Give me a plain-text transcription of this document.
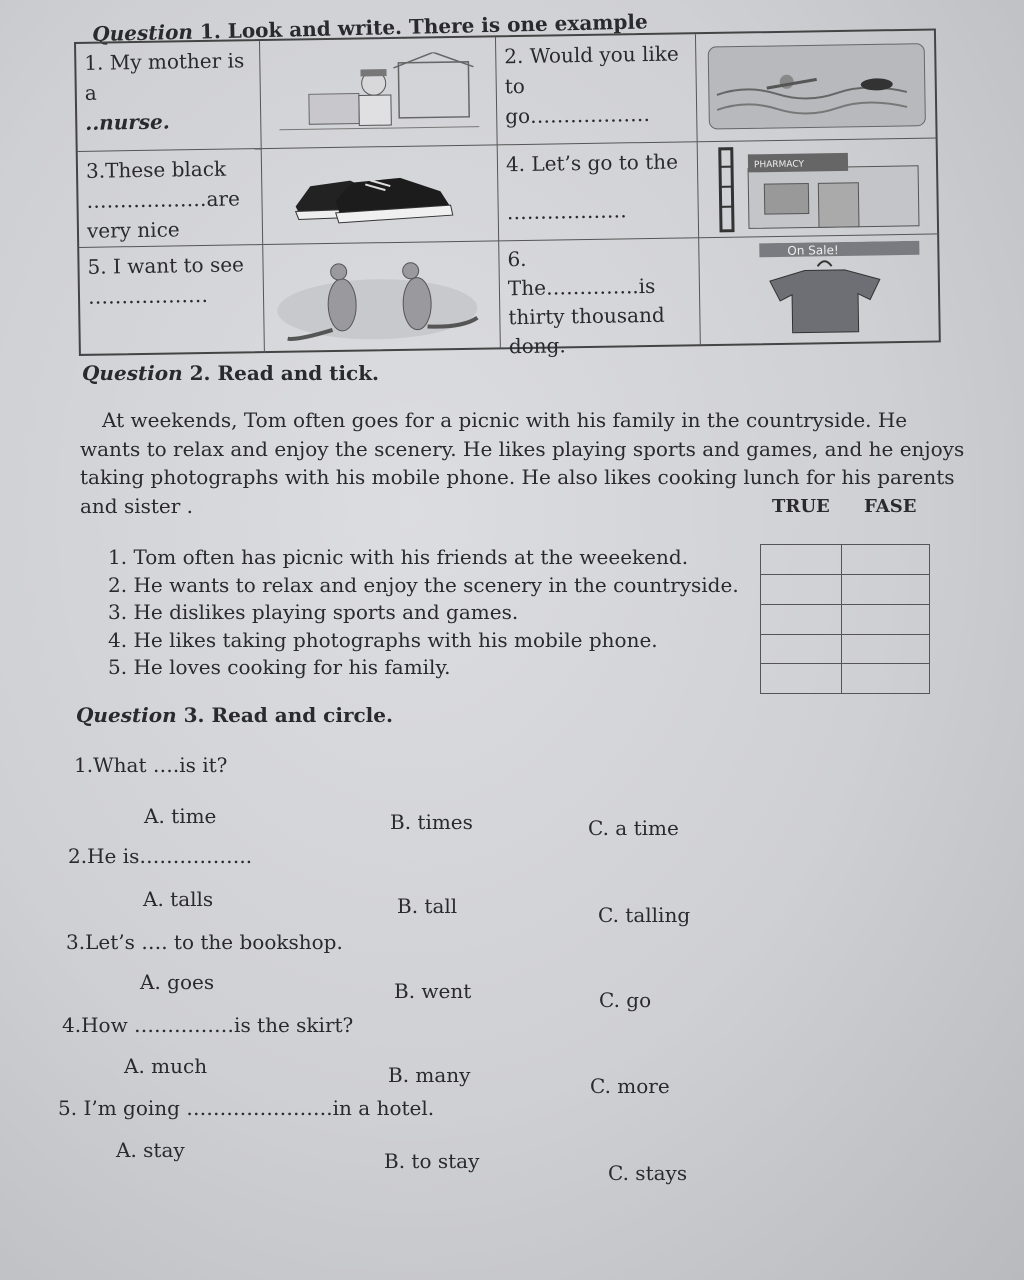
Question 1. Look and write. There is one example
1. My mother is a
..nurse.
2. Would you like
to
go………………
3.These black
………………are
very nice
4. Let’s go to the
………………
PHARMACY
5. I want to see
………………
6.
The…………..is
thirty thousand
dong.
On Sale!
Question 2. Read and tick.
At weekends, Tom often goes for a picnic with his family in the countryside. He
wants to relax and enjoy the scenery. He likes playing sports and games, and he enjoys
taking photographs with his mobile phone. He also likes cooking lunch for his parents
and sister .	TRUE FASE
1. Tom often has picnic with his friends at the weeekend.
2. He wants to relax and enjoy the scenery in the countryside.
3. He dislikes playing sports and games.
4. He likes taking photographs with his mobile phone.
5. He loves cooking for his family.
Question 3. Read and circle.
1.What ….is it?
A. time	B. times	C. a time
2.He is……………..
A. talls	B. tall	C. talling
3.Let’s …. to the bookshop.
A. goes	B. went	C. go
4.How ……………is the skirt?
A. much	B. many	C. more
5. I’m going ………………….in a hotel.
A. stay	B. to stay	C. stays
